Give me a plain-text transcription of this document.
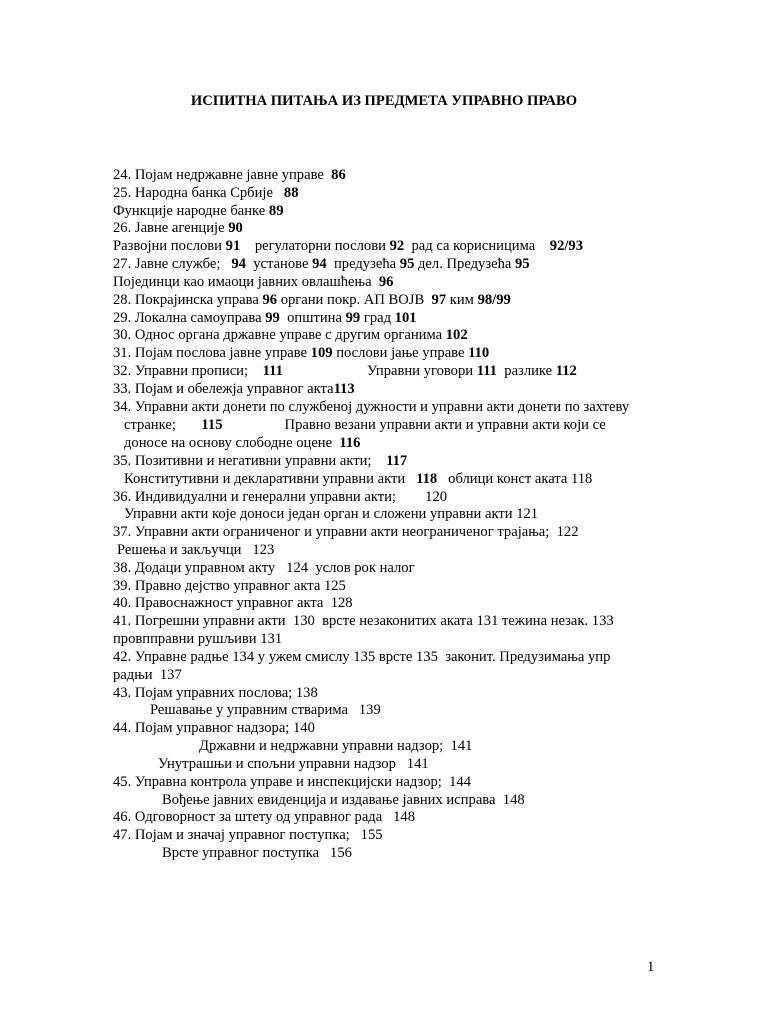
ИСПИТНА ПИТАЊА ИЗ ПРЕДМЕТА УПРАВНО ПРАВО
24. Појам недржавне јавне управе  86
25. Народна банка Србије   88
Функције народне банке 89
26. Јавне агенције 90
Развојни послови 91    регулаторни послови 92  рад са корисницима    92/93
27. Јавне службе;   94  установе 94  предузећа 95 дел. Предузећа 95
Појединци као имаоци јавних овлашћења  96
28. Покрајинска управа 96 органи покр. АП ВОЈВ  97 ким 98/99
29. Локална самоуправа 99  општина 99 град 101
30. Однос органа државне управе с другим органима 102
31. Појам послова јавне управе 109 послови јање управе 110
32. Управни прописи;    111                       Управни уговори 111  разлике 112
33. Појам и обележја управног акта113
34. Управни акти донети по службеној дужности и управни акти донети по захтеву
странке;       115                 Правно везани управни акти и управни акти који се
доносе на основу слободне оцене  116
35. Позитивни и негативни управни акти;    117
Конститутивни и декларативни управни акти   118   облици конст аката 118
36. Индивидуални и генерални управни акти;        120
Управни акти које доноси један орган и сложени управни акти 121
37. Управни акти ограниченог и управни акти неограниченог трајања;  122
Решења и закључци   123
38. Додаци управном акту   124  услов рок налог
39. Правно дејство управног акта 125
40. Правоснажност управног акта  128
41. Погрешни управни акти  130  врсте незаконитих аката 131 тежина незак. 133
провпправни рушљиви 131
42. Управне радње 134 у ужем смислу 135 врсте 135  законит. Предузимања упр
радњи  137
43. Појам управних послова; 138
Решавање у управним стварима   139
44. Појам управног надзора; 140
Државни и недржавни управни надзор;  141
Унутрашњи и спољни управни надзор   141
45. Управна контрола управе и инспекцијски надзор;  144
Вођење јавних евиденција и издавање јавних исправа  148
46. Одговорност за штету од управног рада   148
47. Појам и значај управног поступка;   155
Врсте управног поступка   156
1
